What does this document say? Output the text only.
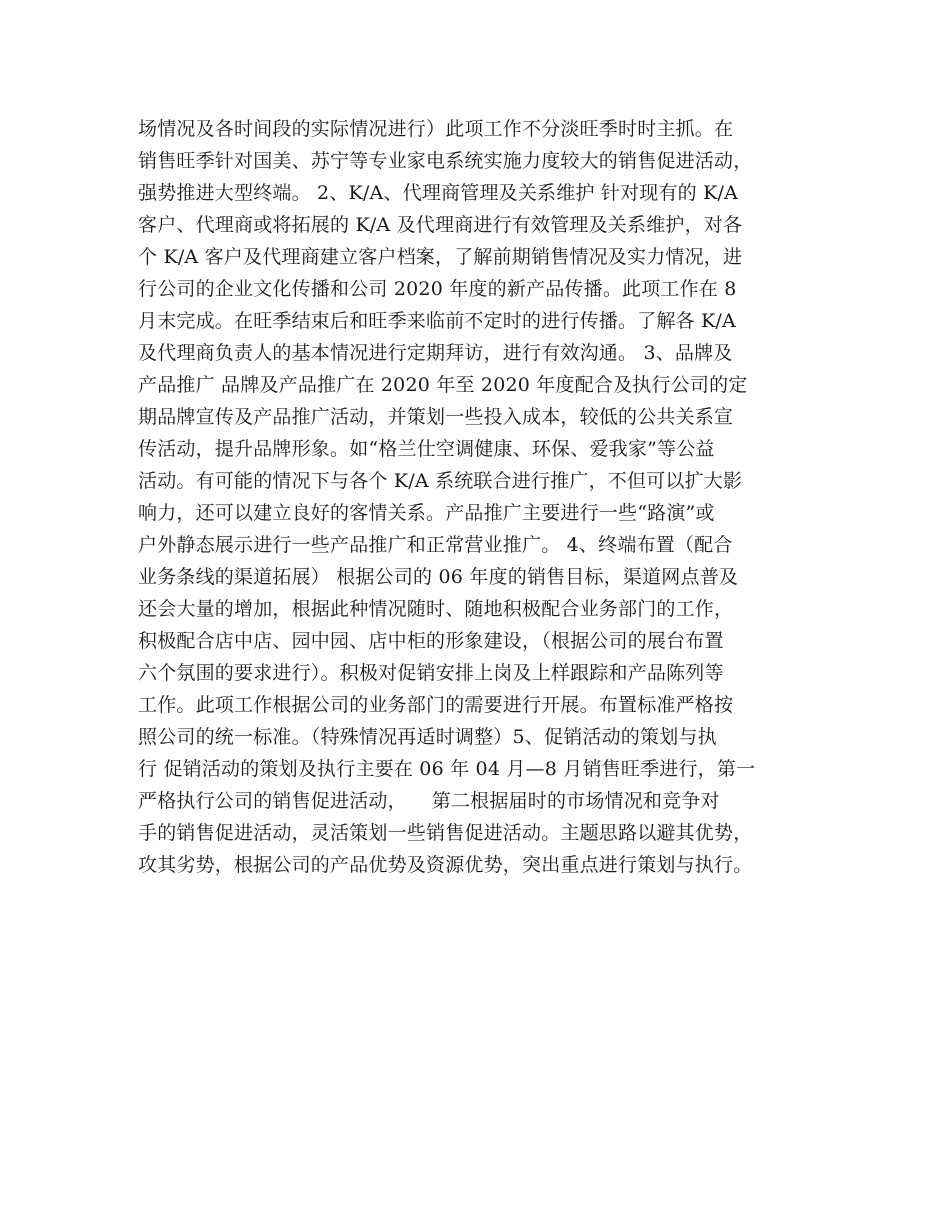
场情况及各时间段的实际情况进行）此项工作不分淡旺季时时主抓。在
销售旺季针对国美、苏宁等专业家电系统实施力度较大的销售促进活动，
强势推进大型终端。 2、K/A、代理商管理及关系维护 针对现有的 K/A
客户、代理商或将拓展的 K/A 及代理商进行有效管理及关系维护，对各
个 K/A 客户及代理商建立客户档案，了解前期销售情况及实力情况，进
行公司的企业文化传播和公司 2020 年度的新产品传播。此项工作在 8
月末完成。在旺季结束后和旺季来临前不定时的进行传播。了解各 K/A
及代理商负责人的基本情况进行定期拜访，进行有效沟通。 3、品牌及
产品推广 品牌及产品推广在 2020 年至 2020 年度配合及执行公司的定
期品牌宣传及产品推广活动，并策划一些投入成本，较低的公共关系宣
传活动，提升品牌形象。如“格兰仕空调健康、环保、爱我家”等公益
活动。有可能的情况下与各个 K/A 系统联合进行推广，不但可以扩大影
响力，还可以建立良好的客情关系。产品推广主要进行一些“路演”或
户外静态展示进行一些产品推广和正常营业推广。 4、终端布置（配合
业务条线的渠道拓展） 根据公司的 06 年度的销售目标，渠道网点普及
还会大量的增加，根据此种情况随时、随地积极配合业务部门的工作，
积极配合店中店、园中园、店中柜的形象建设，（根据公司的展台布置
六个氛围的要求进行）。积极对促销安排上岗及上样跟踪和产品陈列等
工作。此项工作根据公司的业务部门的需要进行开展。布置标准严格按
照公司的统一标准。（特殊情况再适时调整）5、促销活动的策划与执
行 促销活动的策划及执行主要在 06 年 04 月—8 月销售旺季进行，第一
严格执行公司的销售促进活动，    第二根据届时的市场情况和竞争对
手的销售促进活动，灵活策划一些销售促进活动。主题思路以避其优势，
攻其劣势，根据公司的产品优势及资源优势，突出重点进行策划与执行。
